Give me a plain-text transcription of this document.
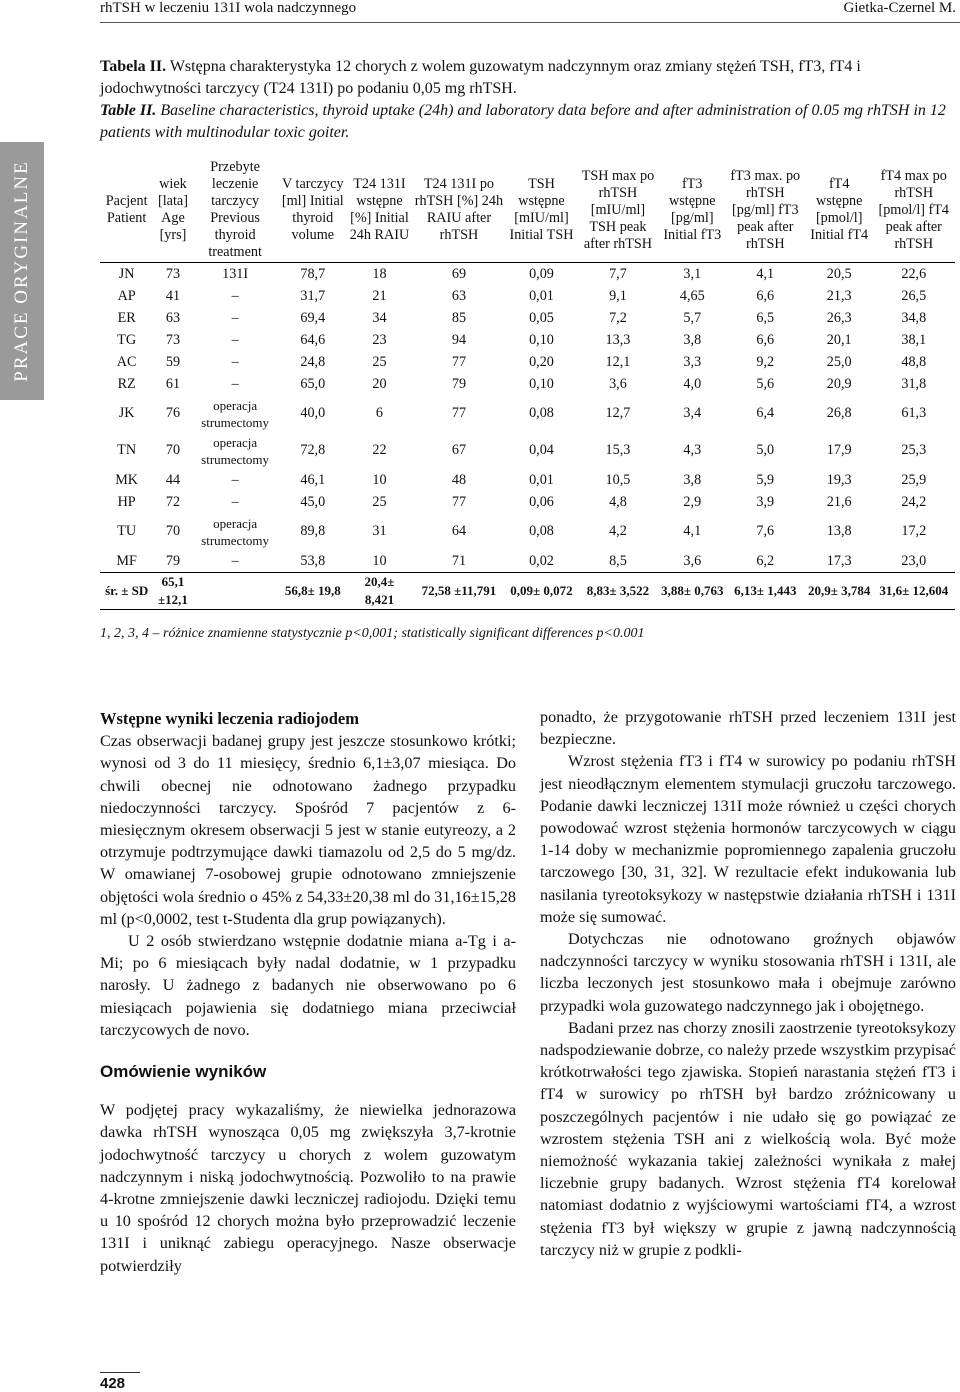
rhTSH w leczeniu 131I wola nadczynnego	Gietka-Czernel M.
PRACE ORYGINALNE
Tabela II. Wstępna charakterystyka 12 chorych z wolem guzowatym nadczynnym oraz zmiany stężeń TSH, fT3, fT4 i jodochwytności tarczycy (T24 131I) po podaniu 0,05 mg rhTSH.
Table II. Baseline characteristics, thyroid uptake (24h) and laboratory data before and after administration of 0.05 mg rhTSH in 12 patients with multinodular toxic goiter.
Pacjent Patient	wiek [lata] Age [yrs]	Przebyte leczenie tarczycy Previous thyroid treatment	V tarczycy [ml] Initial thyroid volume	T24 131I wstępne [%] Initial 24h RAIU	T24 131I po rhTSH [%] 24h RAIU after rhTSH	TSH wstępne [mIU/ml] Initial TSH	TSH max po rhTSH [mIU/ml] TSH peak after rhTSH	fT3 wstępne [pg/ml] Initial fT3	fT3 max. po rhTSH [pg/ml] fT3 peak after rhTSH	fT4 wstępne [pmol/l] Initial fT4	fT4 max po rhTSH [pmol/l] fT4 peak after rhTSH
JN	73	131I	78,7	18	69	0,09	7,7	3,1	4,1	20,5	22,6
AP	41	–	31,7	21	63	0,01	9,1	4,65	6,6	21,3	26,5
ER	63	–	69,4	34	85	0,05	7,2	5,7	6,5	26,3	34,8
TG	73	–	64,6	23	94	0,10	13,3	3,8	6,6	20,1	38,1
AC	59	–	24,8	25	77	0,20	12,1	3,3	9,2	25,0	48,8
RZ	61	–	65,0	20	79	0,10	3,6	4,0	5,6	20,9	31,8
JK	76	operacja strumectomy	40,0	6	77	0,08	12,7	3,4	6,4	26,8	61,3
TN	70	operacja strumectomy	72,8	22	67	0,04	15,3	4,3	5,0	17,9	25,3
MK	44	–	46,1	10	48	0,01	10,5	3,8	5,9	19,3	25,9
HP	72	–	45,0	25	77	0,06	4,8	2,9	3,9	21,6	24,2
TU	70	operacja strumectomy	89,8	31	64	0,08	4,2	4,1	7,6	13,8	17,2
MF	79	–	53,8	10	71	0,02	8,5	3,6	6,2	17,3	23,0
śr. ± SD	65,1 ±12,1		56,8± 19,8	20,4± 8,421	72,58 ±11,791	0,09± 0,072	8,83± 3,522	3,88± 0,763	6,13± 1,443	20,9± 3,784	31,6± 12,604
1, 2, 3, 4 – różnice znamienne statystycznie p<0,001; statistically significant differences p<0.001

Wstępne wyniki leczenia radiojodem

Czas obserwacji badanej grupy jest jeszcze stosunkowo krótki; wynosi od 3 do 11 miesięcy, średnio 6,1±3,07 miesiąca. Do chwili obecnej nie odnotowano żadnego przypadku niedoczynności tarczycy. Spośród 7 pacjentów z 6-miesięcznym okresem obserwacji 5 jest w stanie eutyreozy, a 2 otrzymuje podtrzymujące dawki tiamazolu od 2,5 do 5 mg/dz. W omawianej 7-osobowej grupie odnotowano zmniejszenie objętości wola średnio o 45% z 54,33±20,38 ml do 31,16±15,28 ml (p<0,0002, test t-Studenta dla grup powiązanych).

U 2 osób stwierdzano wstępnie dodatnie miana a-Tg i a-Mi; po 6 miesiącach były nadal dodatnie, w 1 przypadku narosły. U żadnego z badanych nie obserwowano po 6 miesiącach pojawienia się dodatniego miana przeciwciał tarczycowych de novo.

Omówienie wyników

W podjętej pracy wykazaliśmy, że niewielka jednorazowa dawka rhTSH wynosząca 0,05 mg zwiększyła 3,7-krotnie jodochwytność tarczycy u chorych z wolem guzowatym nadczynnym i niską jodochwytnością. Pozwoliło to na prawie 4-krotne zmniejszenie dawki leczniczej radiojodu. Dzięki temu u 10 spośród 12 chorych można było przeprowadzić leczenie 131I i uniknąć zabiegu operacyjnego. Nasze obserwacje potwierdziły

ponadto, że przygotowanie rhTSH przed leczeniem 131I jest bezpieczne.

Wzrost stężenia fT3 i fT4 w surowicy po podaniu rhTSH jest nieodłącznym elementem stymulacji gruczołu tarczowego. Podanie dawki leczniczej 131I może również u części chorych powodować wzrost stężenia hormonów tarczycowych w ciągu 1-14 doby w mechanizmie popromiennego zapalenia gruczołu tarczowego [30, 31, 32]. W rezultacie efekt indukowania lub nasilania tyreotoksykozy w następstwie działania rhTSH i 131I może się sumować.

Dotychczas nie odnotowano groźnych objawów nadczynności tarczycy w wyniku stosowania rhTSH i 131I, ale liczba leczonych jest stosunkowo mała i obejmuje zarówno przypadki wola guzowatego nadczynnego jak i obojętnego.

Badani przez nas chorzy znosili zaostrzenie tyreotoksykozy nadspodziewanie dobrze, co należy przede wszystkim przypisać krótkotrwałości tego zjawiska. Stopień narastania stężeń fT3 i fT4 w surowicy po rhTSH był bardzo zróżnicowany u poszczególnych pacjentów i nie udało się go powiązać ze wzrostem stężenia TSH ani z wielkością wola. Być może niemożność wykazania takiej zależności wynikała z małej liczebnie grupy badanych. Wzrost stężenia fT4 korelował natomiast dodatnio z wyjściowymi wartościami fT4, a wzrost stężenia fT3 był większy w grupie z jawną nadczynnością tarczycy niż w grupie z podkli-

428
